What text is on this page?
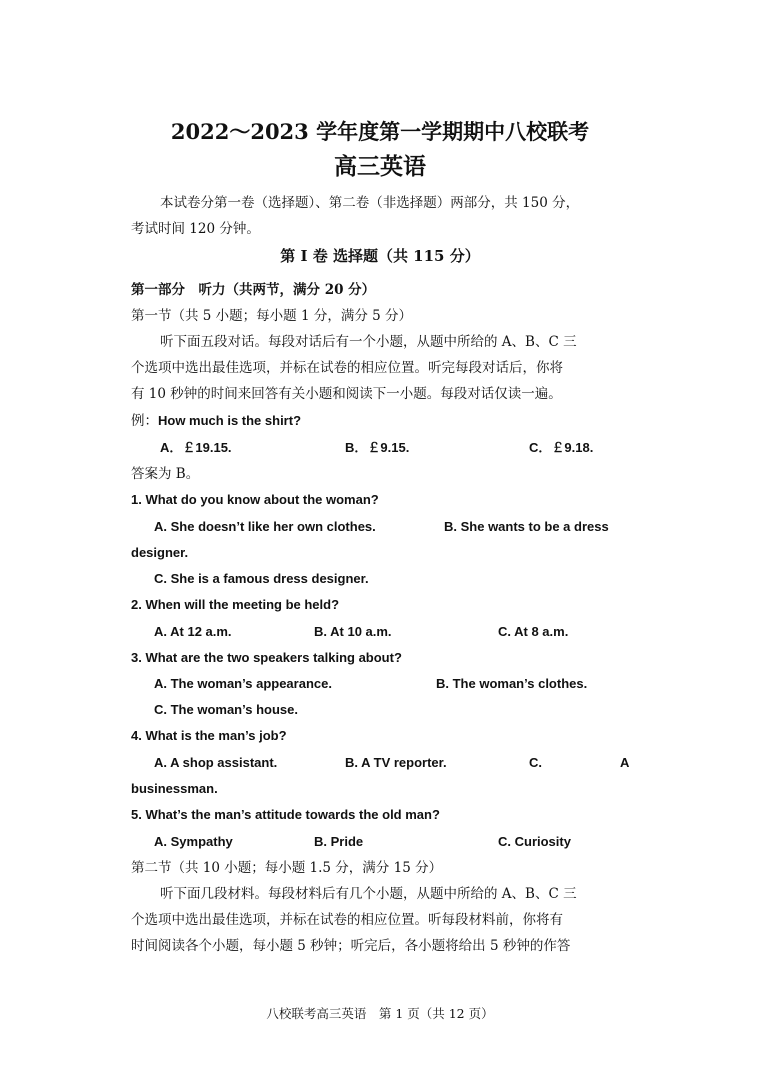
2022～2023 学年度第一学期期中八校联考
高三英语
本试卷分第一卷（选择题）、第二卷（非选择题）两部分，共 150 分，
考试时间 120 分钟。
第 I 卷 选择题（共 115 分）
第一部分　听力（共两节，满分 20 分）
第一节（共 5 小题；每小题 1 分，满分 5 分）
听下面五段对话。每段对话后有一个小题，从题中所给的 A、B、C 三
个选项中选出最佳选项，并标在试卷的相应位置。听完每段对话后，你将
有 10 秒钟的时间来回答有关小题和阅读下一小题。每段对话仅读一遍。
例：How much is the shirt?
A．￡19.15.	B．￡9.15.	C．￡9.18.
答案为 B。
1. What do you know about the woman?
A. She doesn’t like her own clothes.	B. She wants to be a dress
designer.
C. She is a famous dress designer.
2. When will the meeting be held?
A. At 12 a.m.	B. At 10 a.m.	C. At 8 a.m.
3. What are the two speakers talking about?
A. The woman’s appearance.	B. The woman’s clothes.
C. The woman’s house.
4. What is the man’s job?
A. A shop assistant.	B. A TV reporter.	C.	A
businessman.
5. What’s the man’s attitude towards the old man?
A. Sympathy	B. Pride	C. Curiosity
第二节（共 10 小题；每小题 1.5 分，满分 15 分）
听下面几段材料。每段材料后有几个小题，从题中所给的 A、B、C 三
个选项中选出最佳选项，并标在试卷的相应位置。听每段材料前，你将有
时间阅读各个小题，每小题 5 秒钟；听完后，各小题将给出 5 秒钟的作答
八校联考高三英语　第 1 页（共 12 页）
